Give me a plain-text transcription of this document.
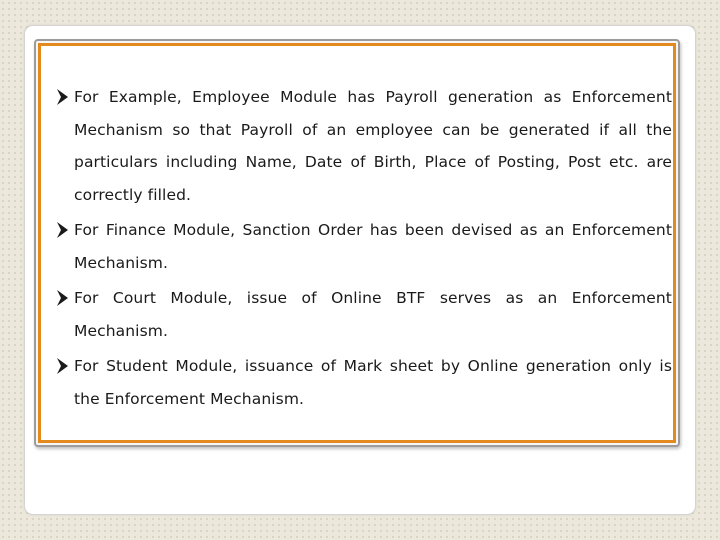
For Example, Employee Module has Payroll generation as Enforcement Mechanism so that Payroll of an employee can be generated if all the particulars including Name, Date of Birth, Place of Posting, Post etc. are correctly filled.
For Finance Module, Sanction Order has been devised as an Enforcement Mechanism.
For Court Module, issue of Online BTF serves as an Enforcement Mechanism.
For Student Module, issuance of Mark sheet by Online generation only is the Enforcement Mechanism.
